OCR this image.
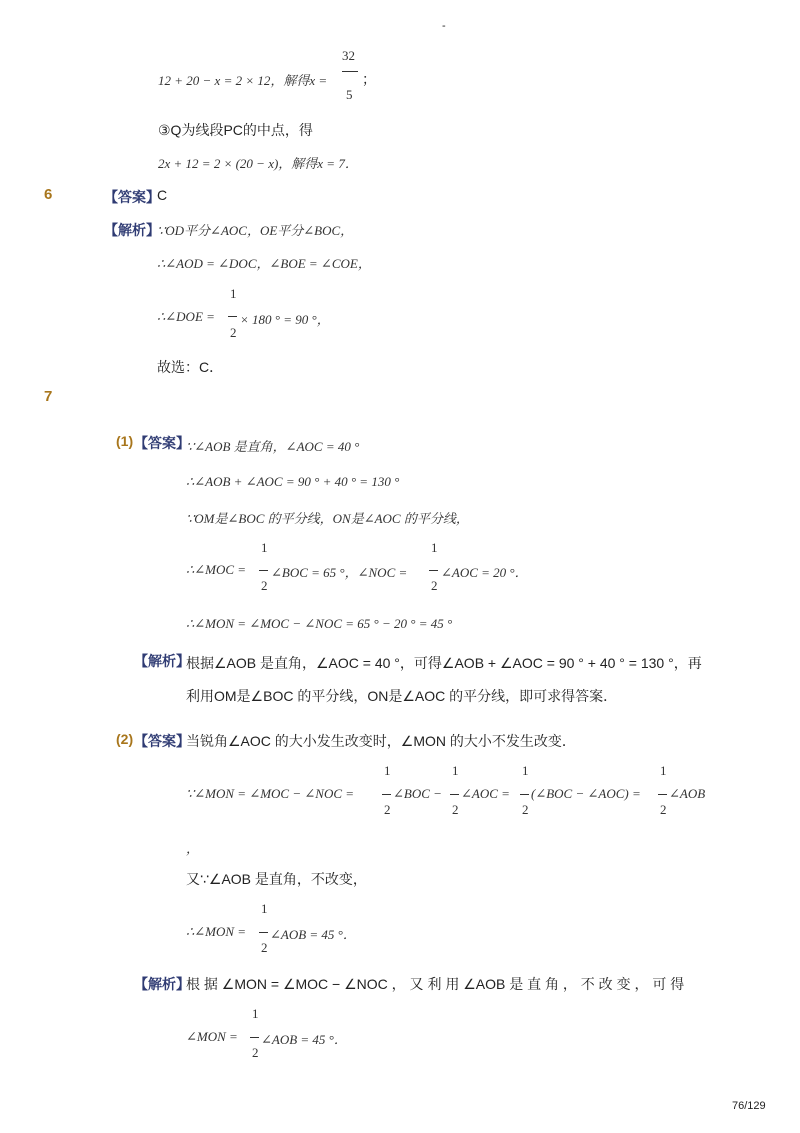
-
12 + 20 − x = 2 × 12，解得x =
32
5
；
③Q为线段PC的中点，得
2x + 12 = 2 × (20 − x)，解得x = 7．
6	【答案】
C
【解析】
∵OD平分∠AOC，OE平分∠BOC，
∴∠AOD = ∠DOC，∠BOE = ∠COE，
∴∠DOE =
1
2
× 180 ° = 90 °，
故选：C．
7
(1) 【答案】
∵∠AOB 是直角，∠AOC = 40 °
∴∠AOB + ∠AOC = 90 ° + 40 ° = 130 °
∵OM是∠BOC 的平分线，ON是∠AOC 的平分线，
∴∠MOC =
1
2
∠BOC = 65 °，∠NOC =
1
2
∠AOC = 20 °．
∴∠MON = ∠MOC − ∠NOC = 65 ° − 20 ° = 45 °
【解析】
根据∠AOB 是直角，∠AOC = 40 °，可得∠AOB + ∠AOC = 90 ° + 40 ° = 130 °，再
利用OM是∠BOC 的平分线，ON是∠AOC 的平分线，即可求得答案．
(2) 【答案】
当锐角∠AOC 的大小发生改变时，∠MON 的大小不发生改变．
∵∠MON = ∠MOC − ∠NOC =
1
2
∠BOC −
1
2
∠AOC =
1
2
(∠BOC − ∠AOC) =
1
2
∠AOB
，
又∵∠AOB 是直角，不改变，
∴∠MON =
1
2
∠AOB = 45 °．
【解析】
根 据 ∠MON = ∠MOC − ∠NOC ， 又 利 用 ∠AOB 是 直 角 ， 不 改 变 ， 可 得
∠MON =
1
2
∠AOB = 45 °．
76/129
